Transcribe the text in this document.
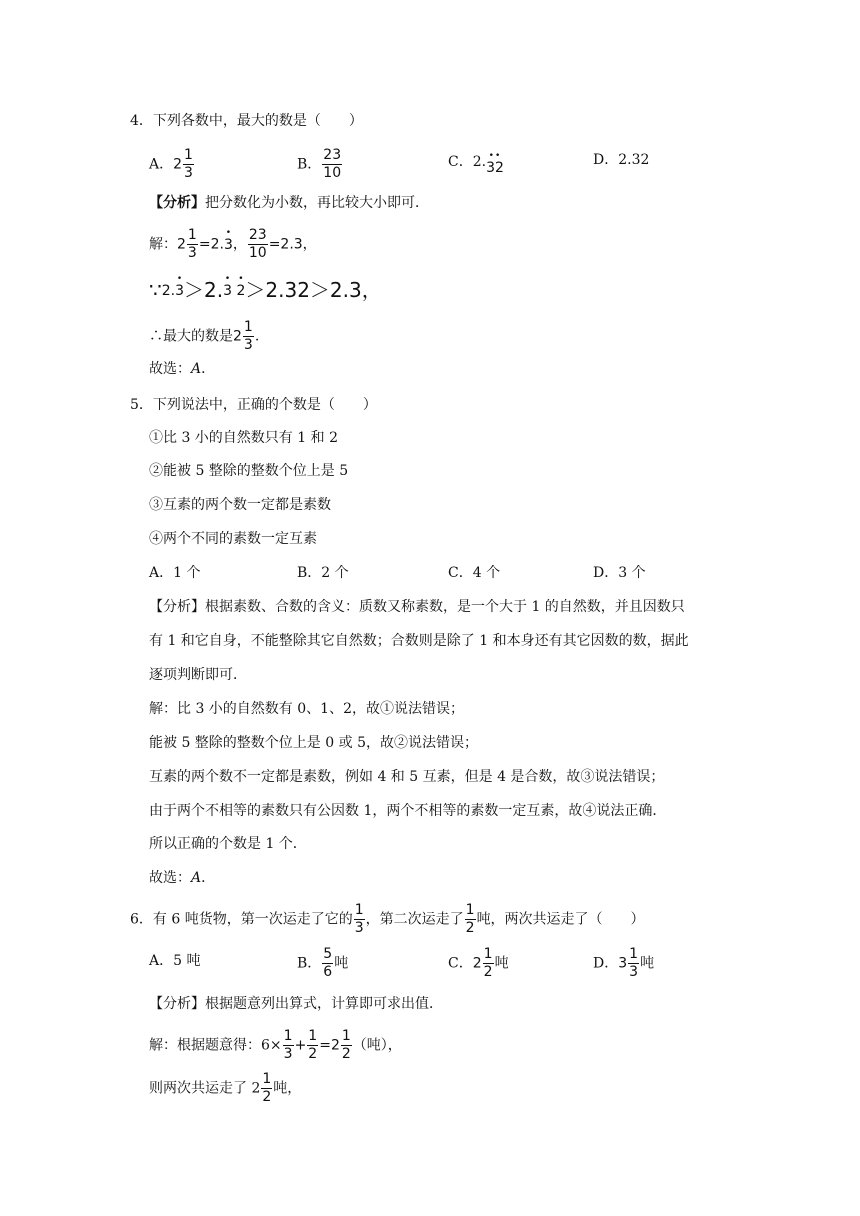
4．下列各数中，最大的数是（　　）
A．$2 \frac{1}{3}$	B． $\frac{23}{10}$	C．2.•• 32	D．2.32
【分析】把分数化为小数，再比较大小即可．
解：$2 \frac{1}{3}$ =2.• 3， $\frac{23}{10} =2.3$，
∵2.• 3＞2.• 3 • 2＞2.32＞2.3，
∴最大的数是$2 \frac{1}{3}$ .
故选：A．
5．下列说法中，正确的个数是（　　）
①比 3 小的自然数只有 1 和 2
②能被 5 整除的整数个位上是 5
③互素的两个数一定都是素数
④两个不同的素数一定互素
A．1 个	B．2 个	C．4 个	D．3 个
【分析】根据素数、合数的含义：质数又称素数，是一个大于 1 的自然数，并且因数只
有 1 和它自身，不能整除其它自然数；合数则是除了 1 和本身还有其它因数的数，据此
逐项判断即可．
解：比 3 小的自然数有 0、1、2，故①说法错误；
能被 5 整除的整数个位上是 0 或 5，故②说法错误；
互素的两个数不一定都是素数，例如 4 和 5 互素，但是 4 是合数，故③说法错误；
由于两个不相等的素数只有公因数 1，两个不相等的素数一定互素，故④说法正确．
所以正确的个数是 1 个．
故选：A．
6．有 6 吨货物，第一次运走了它的 $\frac{1}{3}$ ，第二次运走了 $\frac{1}{2}$ 吨，两次共运走了（　　）
A．5 吨	B． $\frac{5}{6}$ 吨	C．$2 \frac{1}{2}$ 吨	D．$3 \frac{1}{3}$ 吨
【分析】根据题意列出算式，计算即可求出值．
解：根据题意得：$6\times \frac{1}{3} + \frac{1}{2} =2 \frac{1}{2}$ （吨），
则两次共运走了 $2 \frac{1}{2}$ 吨，
